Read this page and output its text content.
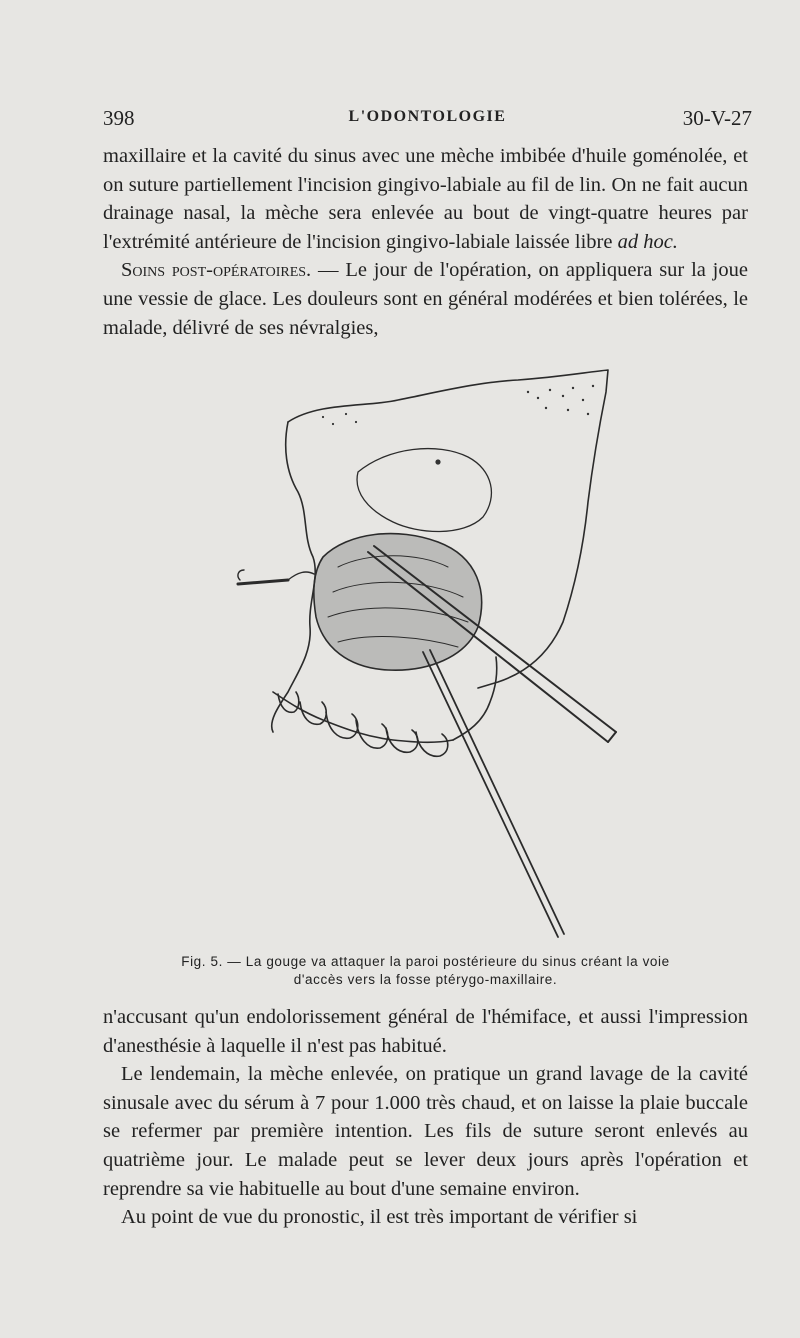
398	L'ODONTOLOGIE	30-V-27

maxillaire et la cavité du sinus avec une mèche imbibée d'huile goménolée, et on suture partiellement l'incision gingivo-labiale au fil de lin. On ne fait aucun drainage nasal, la mèche sera enlevée au bout de vingt-quatre heures par l'extrémité antérieure de l'incision gingivo-labiale laissée libre ad hoc.

Soins post-opératoires. — Le jour de l'opération, on appliquera sur la joue une vessie de glace. Les douleurs sont en général modérées et bien tolérées, le malade, délivré de ses névralgies,

Fig. 5. — La gouge va attaquer la paroi postérieure du sinus créant la voie
d'accès vers la fosse ptérygo-maxillaire.

n'accusant qu'un endolorissement général de l'hémiface, et aussi l'impression d'anesthésie à laquelle il n'est pas habitué.

Le lendemain, la mèche enlevée, on pratique un grand lavage de la cavité sinusale avec du sérum à 7 pour 1.000 très chaud, et on laisse la plaie buccale se refermer par première intention. Les fils de suture seront enlevés au quatrième jour. Le malade peut se lever deux jours après l'opération et reprendre sa vie habituelle au bout d'une semaine environ.

Au point de vue du pronostic, il est très important de vérifier si
